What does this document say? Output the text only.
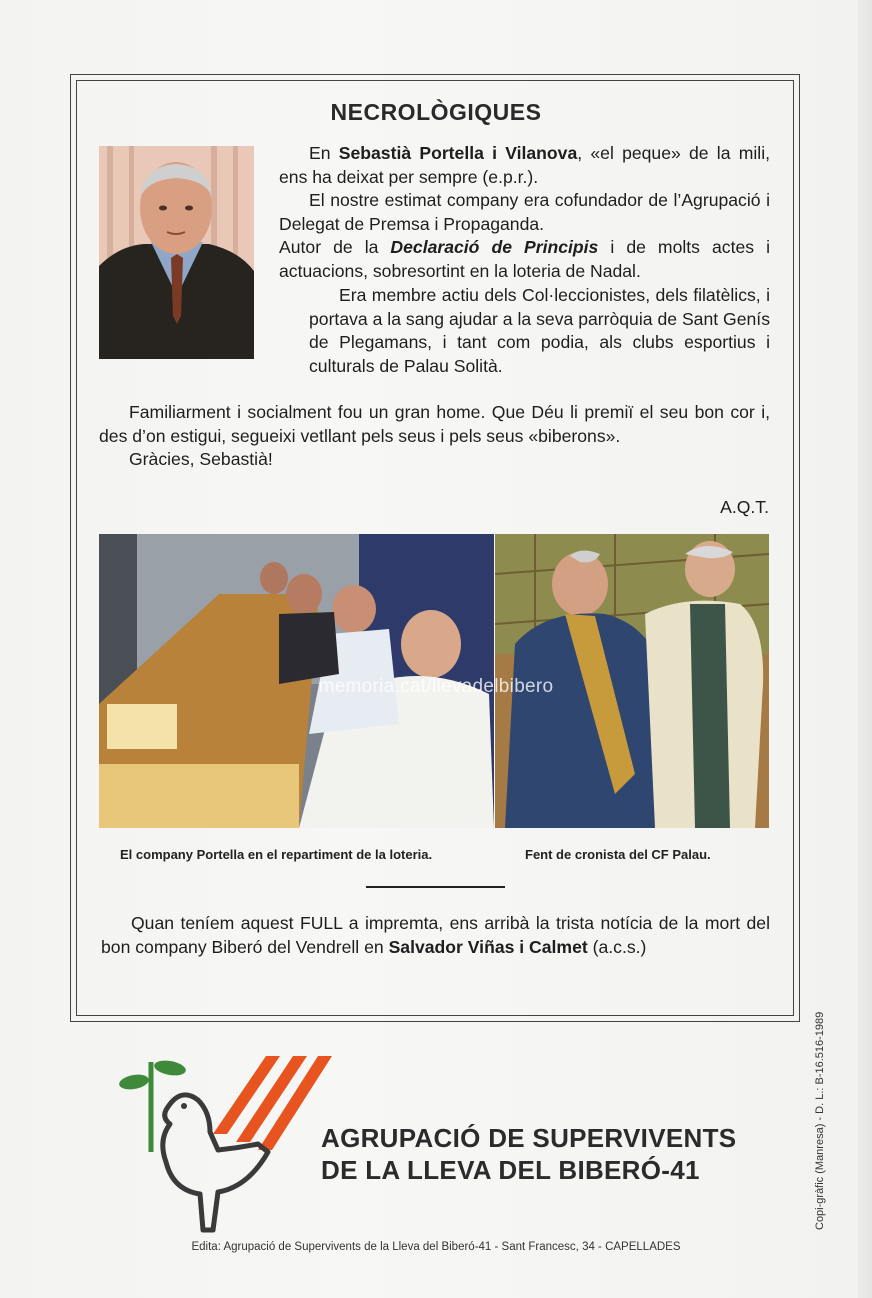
NECROLÒGIQUES

En Sebastià Portella i Vilanova, «el peque» de la mili, ens ha deixat per sempre (e.p.r.).

El nostre estimat company era cofundador de l’Agrupació i Delegat de Premsa i Propaganda.

Autor de la Declaració de Principis i de molts actes i actuacions, sobresortint en la loteria de Nadal.

Era membre actiu dels Col·leccionistes, dels filatèlics, i portava a la sang ajudar a la seva parròquia de Sant Genís de Plegamans, i tant com podia, als clubs esportius i culturals de Palau Solità.

Familiarment i socialment fou un gran home. Que Déu li premiï el seu bon cor i, des d’on estigui, segueixi vetllant pels seus i pels seus «biberons».

Gràcies, Sebastià!

A.Q.T.
memoria.cat/llevadelbibero
El company Portella en el repartiment de la loteria.	Fent de cronista del CF Palau.

Quan teníem aquest FULL a impremta, ens arribà la trista notícia de la mort del bon company Biberó del Vendrell en Salvador Viñas i Calmet (a.c.s.)

AGRUPACIÓ DE SUPERVIVENTS
DE LA LLEVA DEL BIBERÓ-41
Edita: Agrupació de Supervivents de la Lleva del Biberó-41 - Sant Francesc, 34 - CAPELLADES
Copi-gràfic (Manresa) - D. L.: B-16.516-1989
